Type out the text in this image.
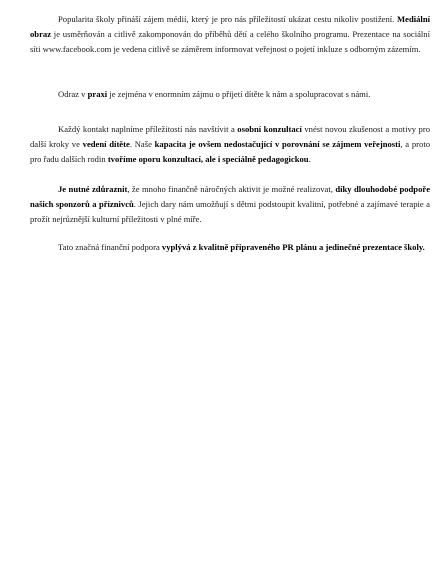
Popularita školy přináší zájem médií, který je pro nás příležitostí ukázat cestu nikoliv postižení. Mediální obraz je usměrňován a citlivě zakomponován do příběhů dětí a celého školního programu. Prezentace na sociální síti www.facebook.com je vedena citlivě se záměrem informovat veřejnost o pojetí inkluze s odborným zázemím.

Odraz v praxi je zejména v enormním zájmu o přijetí dítěte k nám a spolupracovat s námi.

Každý kontakt naplníme příležitostí nás navštívit a osobní konzultací vnést novou zkušenost a motivy pro další kroky ve vedení dítěte. Naše kapacita je ovšem nedostačující v porovnání se zájmem veřejnosti, a proto pro řadu dalších rodin tvoříme oporu konzultací, ale i speciálně pedagogickou.

Je nutné zdůraznit, že mnoho finančně náročných aktivit je možné realizovat, díky dlouhodobé podpoře našich sponzorů a příznivců. Jejich dary nám umožňují s dětmi podstoupit kvalitní, potřebné a zajímavé terapie a prožít nejrůznější kulturní příležitosti v plné míře.

Tato značná finanční podpora vyplývá z kvalitně připraveného PR plánu a jedinečné prezentace školy.
